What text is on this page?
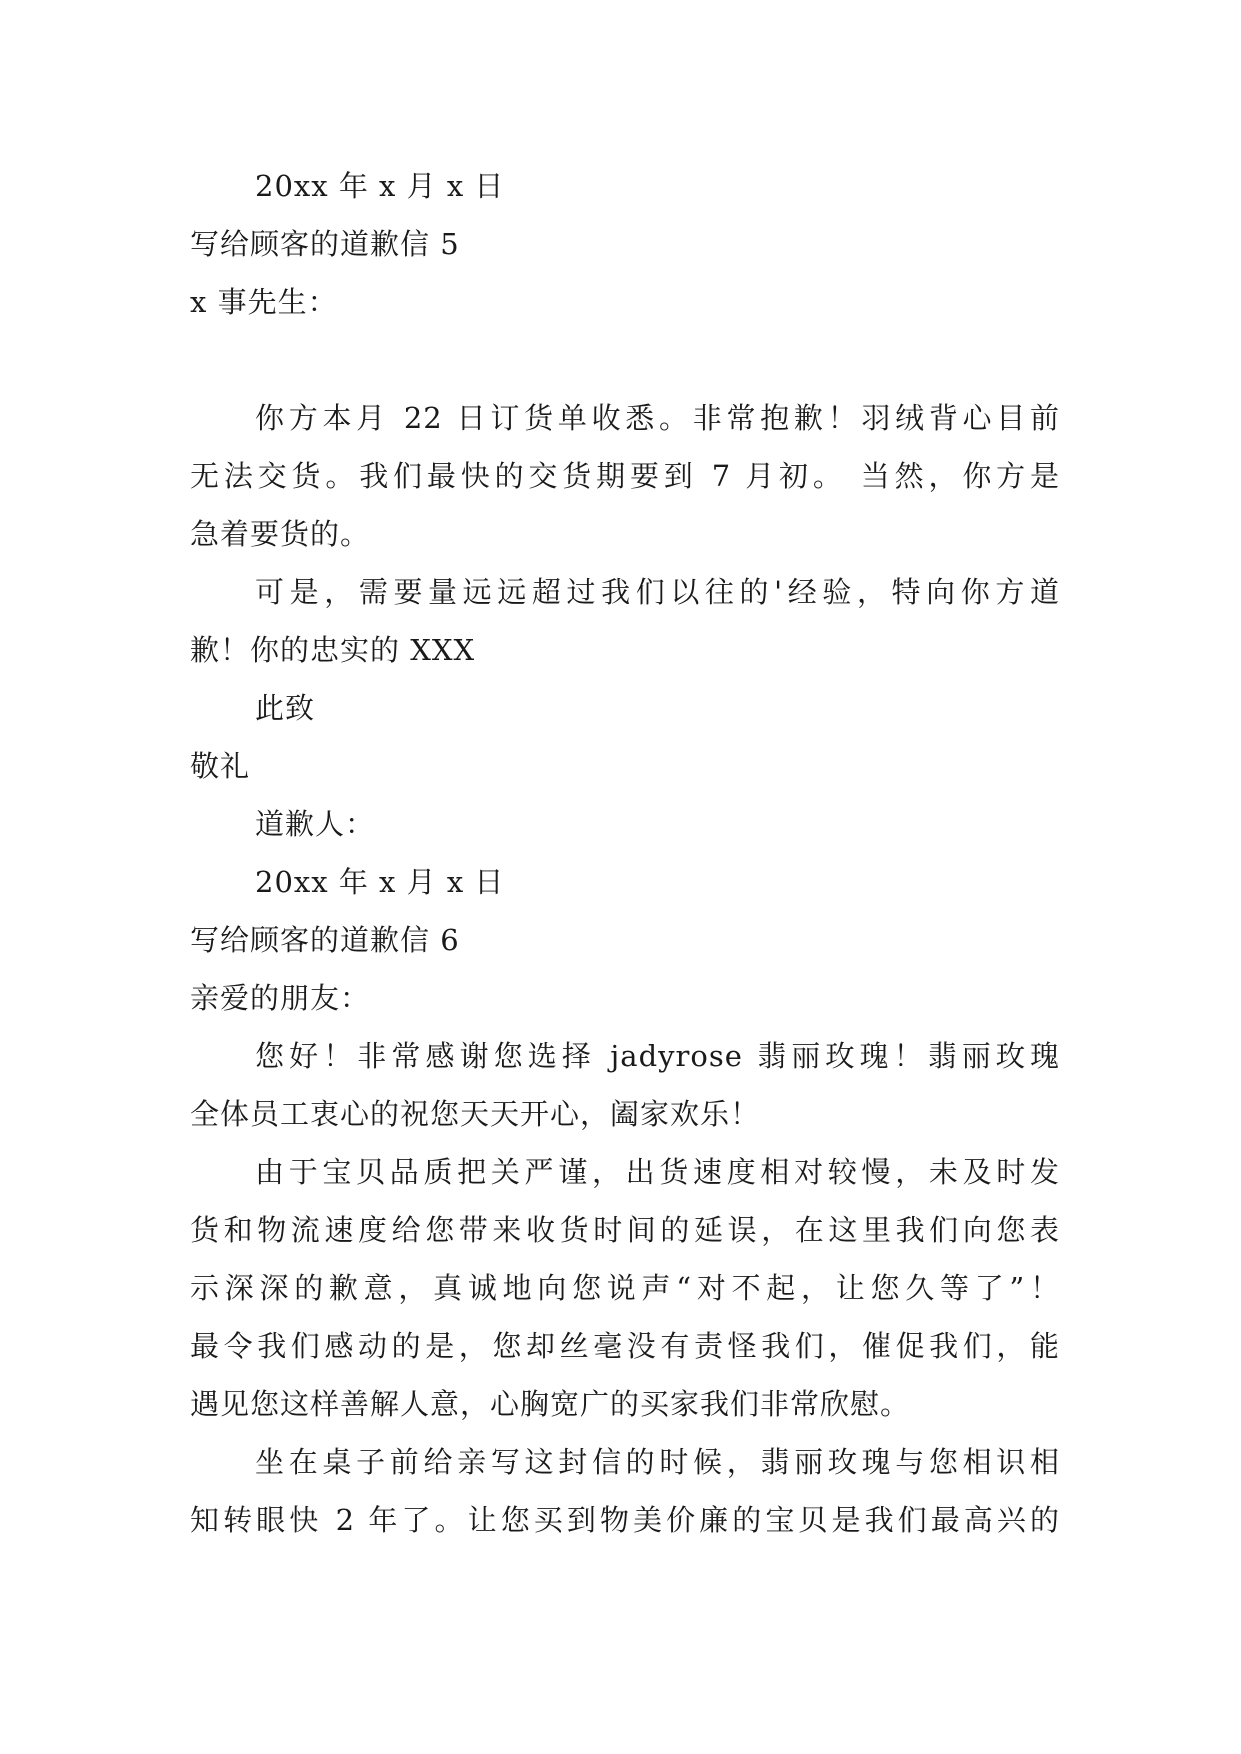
20xx 年 x 月 x 日
写给顾客的道歉信 5
x 事先生：
你方本月 22 日订货单收悉。非常抱歉！羽绒背心目前
无法交货。我们最快的交货期要到 7 月初。 当然，你方是
急着要货的。
可是，需要量远远超过我们以往的'经验，特向你方道
歉！你的忠实的 XXX
此致
敬礼
道歉人：
20xx 年 x 月 x 日
写给顾客的道歉信 6
亲爱的朋友：
您好！非常感谢您选择 jadyrose 翡丽玫瑰！翡丽玫瑰
全体员工衷心的祝您天天开心，阖家欢乐！
由于宝贝品质把关严谨，出货速度相对较慢，未及时发
货和物流速度给您带来收货时间的延误，在这里我们向您表
示深深的歉意，真诚地向您说声“对不起，让您久等了”！
最令我们感动的是，您却丝毫没有责怪我们，催促我们，能
遇见您这样善解人意，心胸宽广的买家我们非常欣慰。
坐在桌子前给亲写这封信的时候，翡丽玫瑰与您相识相
知转眼快 2 年了。让您买到物美价廉的宝贝是我们最高兴的
